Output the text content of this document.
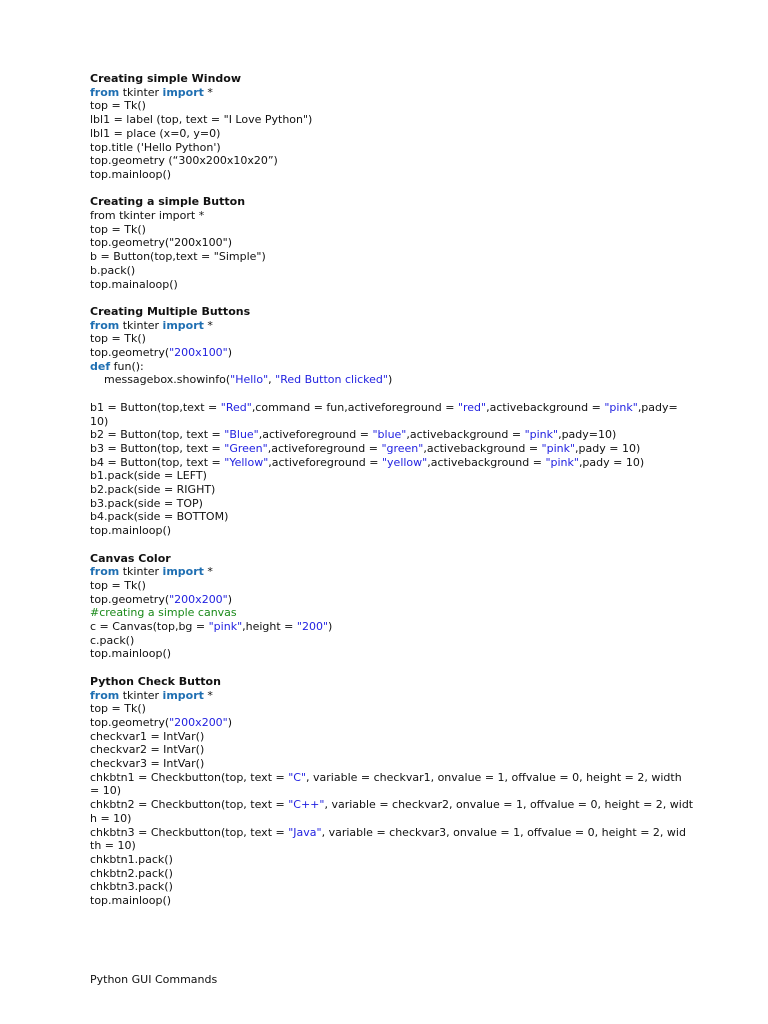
Creating simple Window
from tkinter import *
top = Tk()
lbl1 = label (top, text = "I Love Python")
lbl1 = place (x=0, y=0)
top.title ('Hello Python')
top.geometry (“300x200x10x20”)
top.mainloop()
Creating a simple Button
from tkinter import *
top = Tk()
top.geometry("200x100")
b = Button(top,text = "Simple")
b.pack()
top.mainaloop()
Creating Multiple Buttons
from tkinter import *
top = Tk()
top.geometry("200x100")
def fun():
messagebox.showinfo("Hello", "Red Button clicked")
b1 = Button(top,text = "Red",command = fun,activeforeground = "red",activebackground = "pink",pady=
10)
b2 = Button(top, text = "Blue",activeforeground = "blue",activebackground = "pink",pady=10)
b3 = Button(top, text = "Green",activeforeground = "green",activebackground = "pink",pady = 10)
b4 = Button(top, text = "Yellow",activeforeground = "yellow",activebackground = "pink",pady = 10)
b1.pack(side = LEFT)
b2.pack(side = RIGHT)
b3.pack(side = TOP)
b4.pack(side = BOTTOM)
top.mainloop()
Canvas Color
from tkinter import *
top = Tk()
top.geometry("200x200")
#creating a simple canvas
c = Canvas(top,bg = "pink",height = "200")
c.pack()
top.mainloop()
Python Check Button
from tkinter import *
top = Tk()
top.geometry("200x200")
checkvar1 = IntVar()
checkvar2 = IntVar()
checkvar3 = IntVar()
chkbtn1 = Checkbutton(top, text = "C", variable = checkvar1, onvalue = 1, offvalue = 0, height = 2, width
= 10)
chkbtn2 = Checkbutton(top, text = "C++", variable = checkvar2, onvalue = 1, offvalue = 0, height = 2, widt
h = 10)
chkbtn3 = Checkbutton(top, text = "Java", variable = checkvar3, onvalue = 1, offvalue = 0, height = 2, wid
th = 10)
chkbtn1.pack()
chkbtn2.pack()
chkbtn3.pack()
top.mainloop()
Python GUI Commands
